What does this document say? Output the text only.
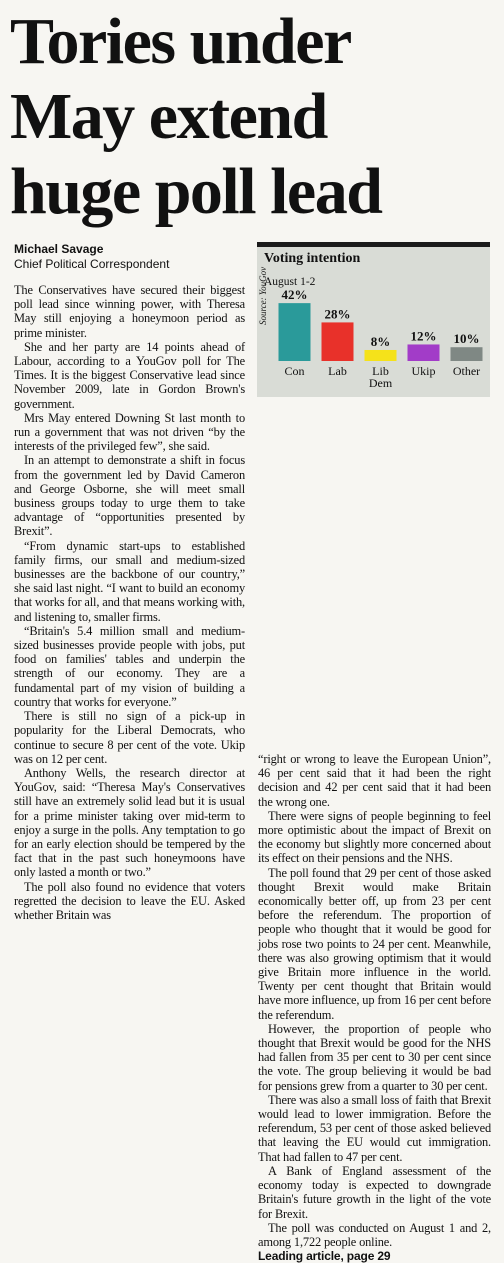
Tories under
May extend
huge poll lead
Michael Savage
Chief Political Correspondent

The Conservatives have secured their biggest poll lead since winning power, with Theresa May still enjoying a honeymoon period as prime minister.

She and her party are 14 points ahead of Labour, according to a YouGov poll for The Times. It is the biggest Conservative lead since November 2009, late in Gordon Brown's government.

Mrs May entered Downing St last month to run a government that was not driven “by the interests of the privileged few”, she said.

In an attempt to demonstrate a shift in focus from the government led by David Cameron and George Osborne, she will meet small business groups today to urge them to take advantage of “opportunities presented by Brexit”.

“From dynamic start-ups to established family firms, our small and medium-sized businesses are the backbone of our country,” she said last night. “I want to build an economy that works for all, and that means working with, and listening to, smaller firms.

“Britain's 5.4 million small and medium-sized businesses provide people with jobs, put food on families' tables and underpin the strength of our economy. They are a fundamental part of my vision of building a country that works for everyone.”

There is still no sign of a pick-up in popularity for the Liberal Democrats, who continue to secure 8 per cent of the vote. Ukip was on 12 per cent.

Anthony Wells, the research director at YouGov, said: “Theresa May's Conservatives still have an extremely solid lead but it is usual for a prime minister taking over mid-term to enjoy a surge in the polls. Any temptation to go for an early election should be tempered by the fact that in the past such honeymoons have only lasted a month or two.”

The poll also found no evidence that voters regretted the decision to leave the EU. Asked whether Britain was

Voting intention
August 1-2
Source: YouGov 42%
Con
28%
Lab
8%
Lib
Dem
12%
Ukip
10%
Other

“right or wrong to leave the European Union”, 46 per cent said that it had been the right decision and 42 per cent said that it had been the wrong one.

There were signs of people beginning to feel more optimistic about the impact of Brexit on the economy but slightly more concerned about its effect on their pensions and the NHS.

The poll found that 29 per cent of those asked thought Brexit would make Britain economically better off, up from 23 per cent before the referendum. The proportion of people who thought that it would be good for jobs rose two points to 24 per cent. Meanwhile, there was also growing optimism that it would give Britain more influence in the world. Twenty per cent thought that Britain would have more influence, up from 16 per cent before the referendum.

However, the proportion of people who thought that Brexit would be good for the NHS had fallen from 35 per cent to 30 per cent since the vote. The group believing it would be bad for pensions grew from a quarter to 30 per cent.

There was also a small loss of faith that Brexit would lead to lower immigration. Before the referendum, 53 per cent of those asked believed that leaving the EU would cut immigration. That had fallen to 47 per cent.

A Bank of England assessment of the economy today is expected to downgrade Britain's future growth in the light of the vote for Brexit.

The poll was conducted on August 1 and 2, among 1,722 people online.

Leading article, page 29
